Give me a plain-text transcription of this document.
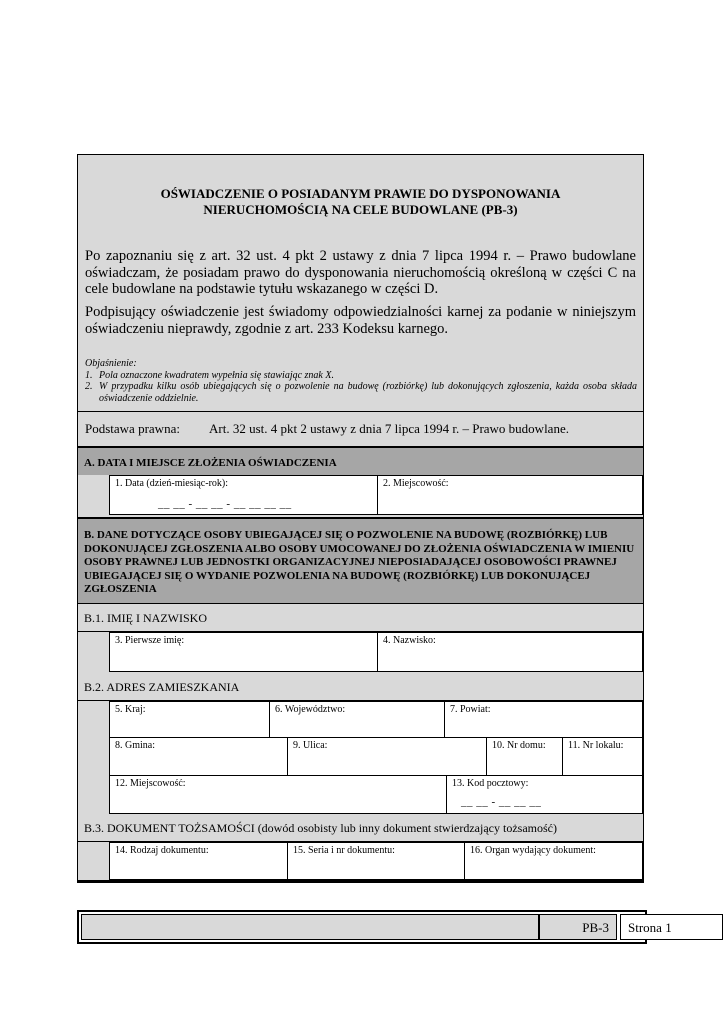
OŚWIADCZENIE O POSIADANYM PRAWIE DO DYSPONOWANIA
NIERUCHOMOŚCIĄ NA CELE BUDOWLANE (PB-3)
Po zapoznaniu się z art. 32 ust. 4 pkt 2 ustawy z dnia 7 lipca 1994 r. – Prawo budowlane oświadczam, że posiadam prawo do dysponowania nieruchomością określoną w części C na cele budowlane na podstawie tytułu wskazanego w części D.
Podpisujący oświadczenie jest świadomy odpowiedzialności karnej za podanie w niniejszym oświadczeniu nieprawdy, zgodnie z art. 233 Kodeksu karnego.
Objaśnienie:
1. Pola oznaczone kwadratem wypełnia się stawiając znak X.
2. W przypadku kilku osób ubiegających się o pozwolenie na budowę (rozbiórkę) lub dokonujących zgłoszenia, każda osoba składa oświadczenie oddzielnie.
Podstawa prawna: Art. 32 ust. 4 pkt 2 ustawy z dnia 7 lipca 1994 r. – Prawo budowlane.
A. DATA I MIEJSCE ZŁOŻENIA OŚWIADCZENIA
1. Data (dzień-miesiąc-rok):
__ __ - __ __ - __ __ __ __
2. Miejscowość:
B. DANE DOTYCZĄCE OSOBY UBIEGAJĄCEJ SIĘ O POZWOLENIE NA BUDOWĘ (ROZBIÓRKĘ) LUB DOKONUJĄCEJ ZGŁOSZENIA ALBO OSOBY UMOCOWANEJ DO ZŁOŻENIA OŚWIADCZENIA W IMIENIU OSOBY PRAWNEJ LUB JEDNOSTKI ORGANIZACYJNEJ NIEPOSIADAJĄCEJ OSOBOWOŚCI PRAWNEJ UBIEGAJĄCEJ SIĘ O WYDANIE POZWOLENIA NA BUDOWĘ (ROZBIÓRKĘ) LUB DOKONUJĄCEJ ZGŁOSZENIA
B.1. IMIĘ I NAZWISKO
3. Pierwsze imię:	4. Nazwisko:
B.2. ADRES ZAMIESZKANIA
5. Kraj:	6. Województwo:	7. Powiat:
8. Gmina:	9. Ulica:	10. Nr domu:	11. Nr lokalu:
12. Miejscowość:	13. Kod pocztowy:
__ __ - __ __ __
B.3. DOKUMENT TOŻSAMOŚCI (dowód osobisty lub inny dokument stwierdzający tożsamość)
14. Rodzaj dokumentu:	15. Seria i nr dokumentu:	16. Organ wydający dokument:
PB-3 Strona 1
